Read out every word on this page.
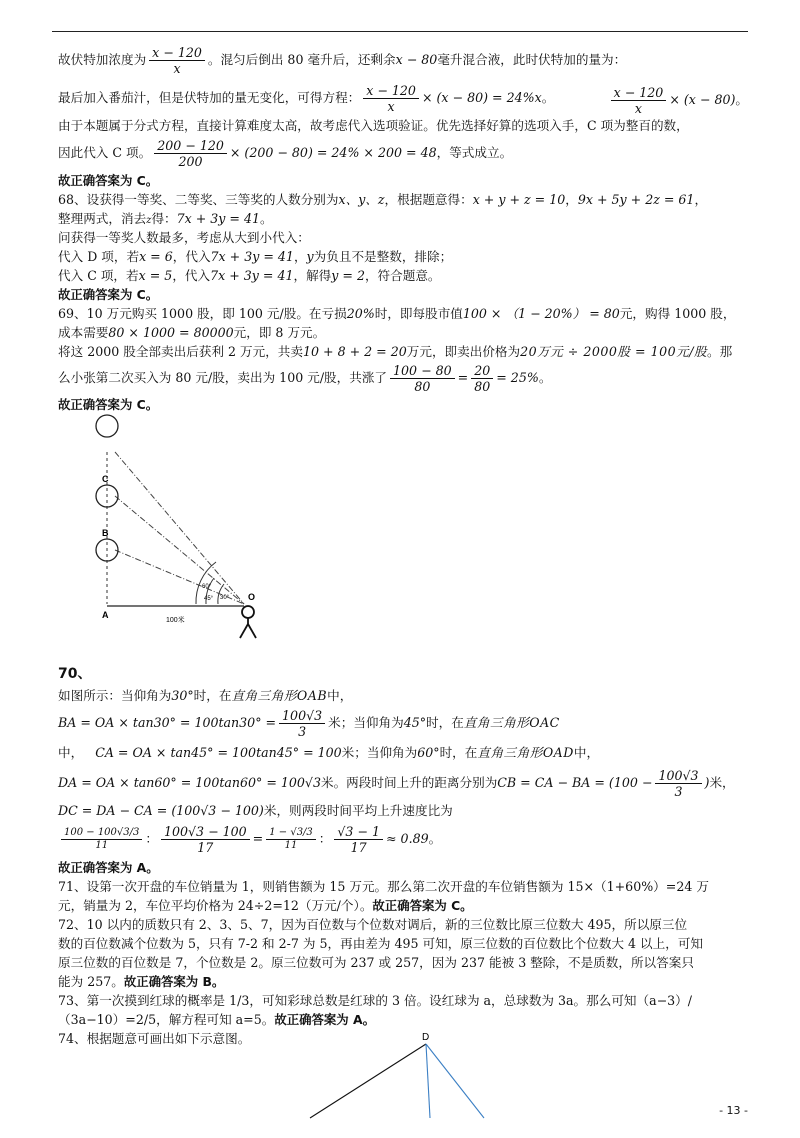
故伏特加浓度为 $\frac{x - 120}{x}$ 。混匀后倒出 80 毫升后，还剩余x − 80毫升混合液，此时伏特加的量为：
$\frac{x - 120}{x} \times (x - 80)$。
最后加入番茄汁，但是伏特加的量无变化，可得方程： $\frac{x - 120}{x} \times (x - 80) = 24\%x$。
由于本题属于分式方程，直接计算难度太高，故考虑代入选项验证。优先选择好算的选项入手，C 项为整百的数，
因此代入 C 项。 $\frac{200 - 120}{200} \times (200 - 80) = 24\% \times 200 = 48$，等式成立。
故正确答案为 C。
68、设获得一等奖、二等奖、三等奖的人数分别为x、y、z，根据题意得：x + y + z = 10，9x + 5y + 2z = 61，
整理两式，消去z得：7x + 3y = 41。
问获得一等奖人数最多，考虑从大到小代入：
代入 D 项，若x = 6，代入7x + 3y = 41，y为负且不是整数，排除；
代入 C 项，若x = 5，代入7x + 3y = 41，解得y = 2，符合题意。
故正确答案为 C。
69、10 万元购买 1000 股，即 100 元/股。在亏损20%时，即每股市值100 × （1 − 20%） = 80元，购得 1000 股，
成本需要80 × 1000 = 80000元，即 8 万元。
将这 2000 股全部卖出后获利 2 万元，共卖10 + 8 + 2 = 20万元，即卖出价格为20万元 ÷ 2000股 = 100元/股。那
么小张第二次买入为 80 元/股，卖出为 100 元/股，共涨了 $\frac{100 - 80}{80} = \frac{20}{80} = 25\%$。
故正确答案为 C。
C
B
A
O
30°
45°
60°
100米
70、
如图所示：当仰角为30°时，在直角三角形OAB中，
BA = OA × $\tan 30^\circ = 100\tan 30^\circ = \frac{100√3}{3}$ 米；当仰角为45°时，在直角三角形OAC
中， CA = OA × tan45° = 100tan45° = 100米；当仰角为60°时，在直角三角形OAD中，
DA = OA × tan60° = 100tan60° = 100√3米。两段时间上升的距离分别为CB = CA − BA = ($100 - \frac{100√3}{3}$ )米，
DC = DA − CA = (100√3 − 100)米，则两段时间平均上升速度比为
$\frac{100 - 100√3/3}{11}$ ： $\frac{100√3 - 100}{17} = \frac{1 - √3/3}{11}$ ： $\frac{√3 - 1}{17} \approx 0.89$。
故正确答案为 A。
71、设第一次开盘的车位销量为 1，则销售额为 15 万元。那么第二次开盘的车位销售额为 15×（1+60%）=24 万
元，销量为 2，车位平均价格为 24÷2=12（万元/个）。故正确答案为 C。
72、10 以内的质数只有 2、3、5、7，因为百位数与个位数对调后，新的三位数比原三位数大 495，所以原三位
数的百位数减个位数为 5，只有 7-2 和 2-7 为 5，再由差为 495 可知，原三位数的百位数比个位数大 4 以上，可知
原三位数的百位数是 7，个位数是 2。原三位数可为 237 或 257，因为 237 能被 3 整除，不是质数，所以答案只
能为 257。故正确答案为 B。
73、第一次摸到红球的概率是 1/3，可知彩球总数是红球的 3 倍。设红球为 a，总球数为 3a。那么可知（a−3）/
（3a−10）=2/5，解方程可知 a=5。故正确答案为 A。
74、根据题意可画出如下示意图。	D
- 13 -
